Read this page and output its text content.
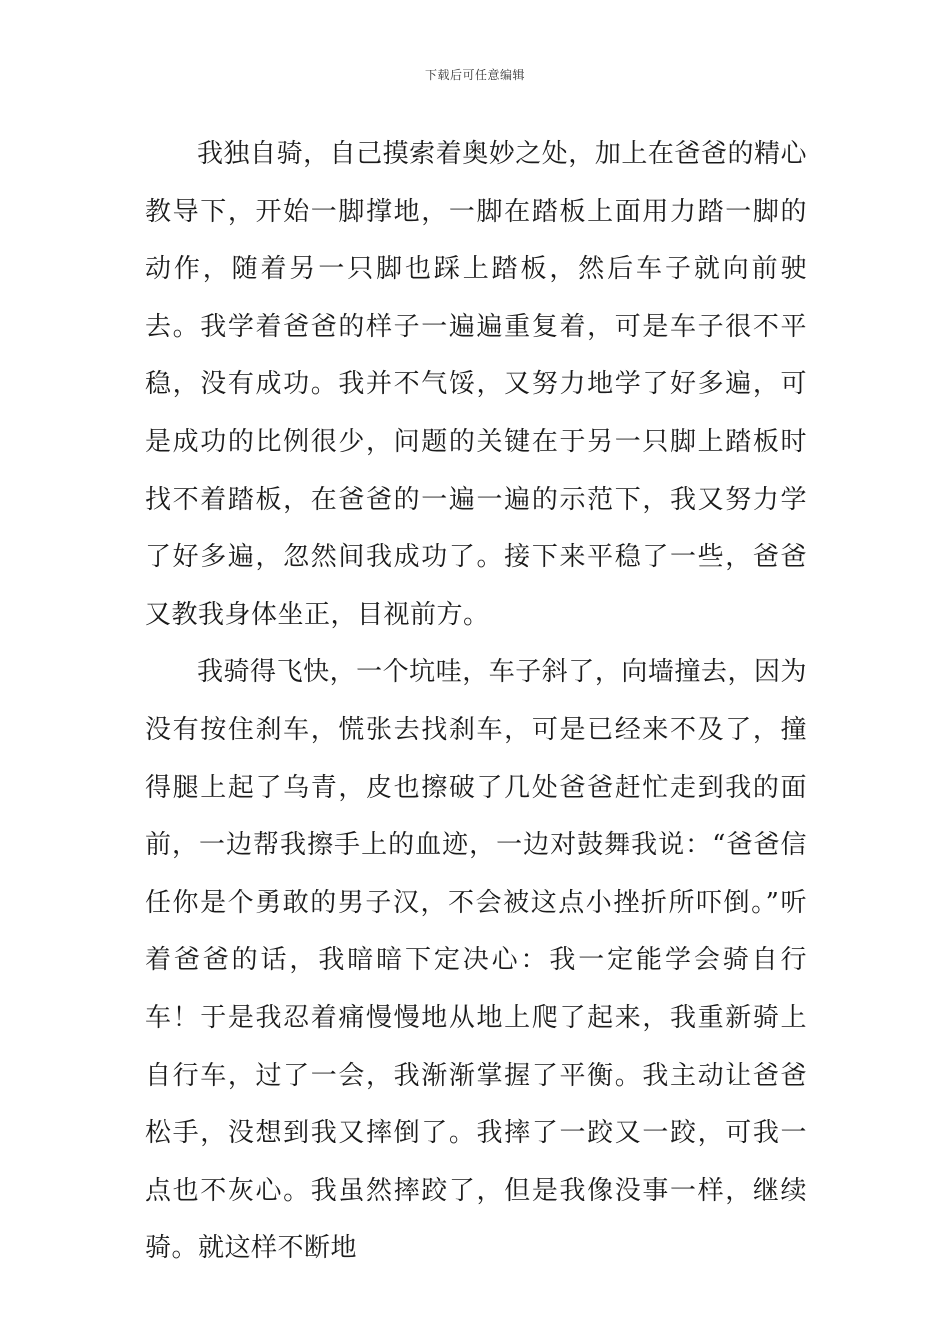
下载后可任意编辑

我独自骑，自己摸索着奥妙之处，加上在爸爸的精心教导下，开始一脚撑地，一脚在踏板上面用力踏一脚的动作，随着另一只脚也踩上踏板，然后车子就向前驶去。我学着爸爸的样子一遍遍重复着，可是车子很不平稳，没有成功。我并不气馁，又努力地学了好多遍，可是成功的比例很少，问题的关键在于另一只脚上踏板时找不着踏板，在爸爸的一遍一遍的示范下，我又努力学了好多遍，忽然间我成功了。接下来平稳了一些，爸爸又教我身体坐正，目视前方。

我骑得飞快，一个坑哇，车子斜了，向墙撞去，因为没有按住刹车，慌张去找刹车，可是已经来不及了，撞得腿上起了乌青，皮也擦破了几处爸爸赶忙走到我的面前，一边帮我擦手上的血迹，一边对鼓舞我说：“爸爸信任你是个勇敢的男子汉，不会被这点小挫折所吓倒。”听着爸爸的话，我暗暗下定决心：我一定能学会骑自行车！于是我忍着痛慢慢地从地上爬了起来，我重新骑上自行车，过了一会，我渐渐掌握了平衡。我主动让爸爸松手，没想到我又摔倒了。我摔了一跤又一跤，可我一点也不灰心。我虽然摔跤了，但是我像没事一样，继续骑。就这样不断地
